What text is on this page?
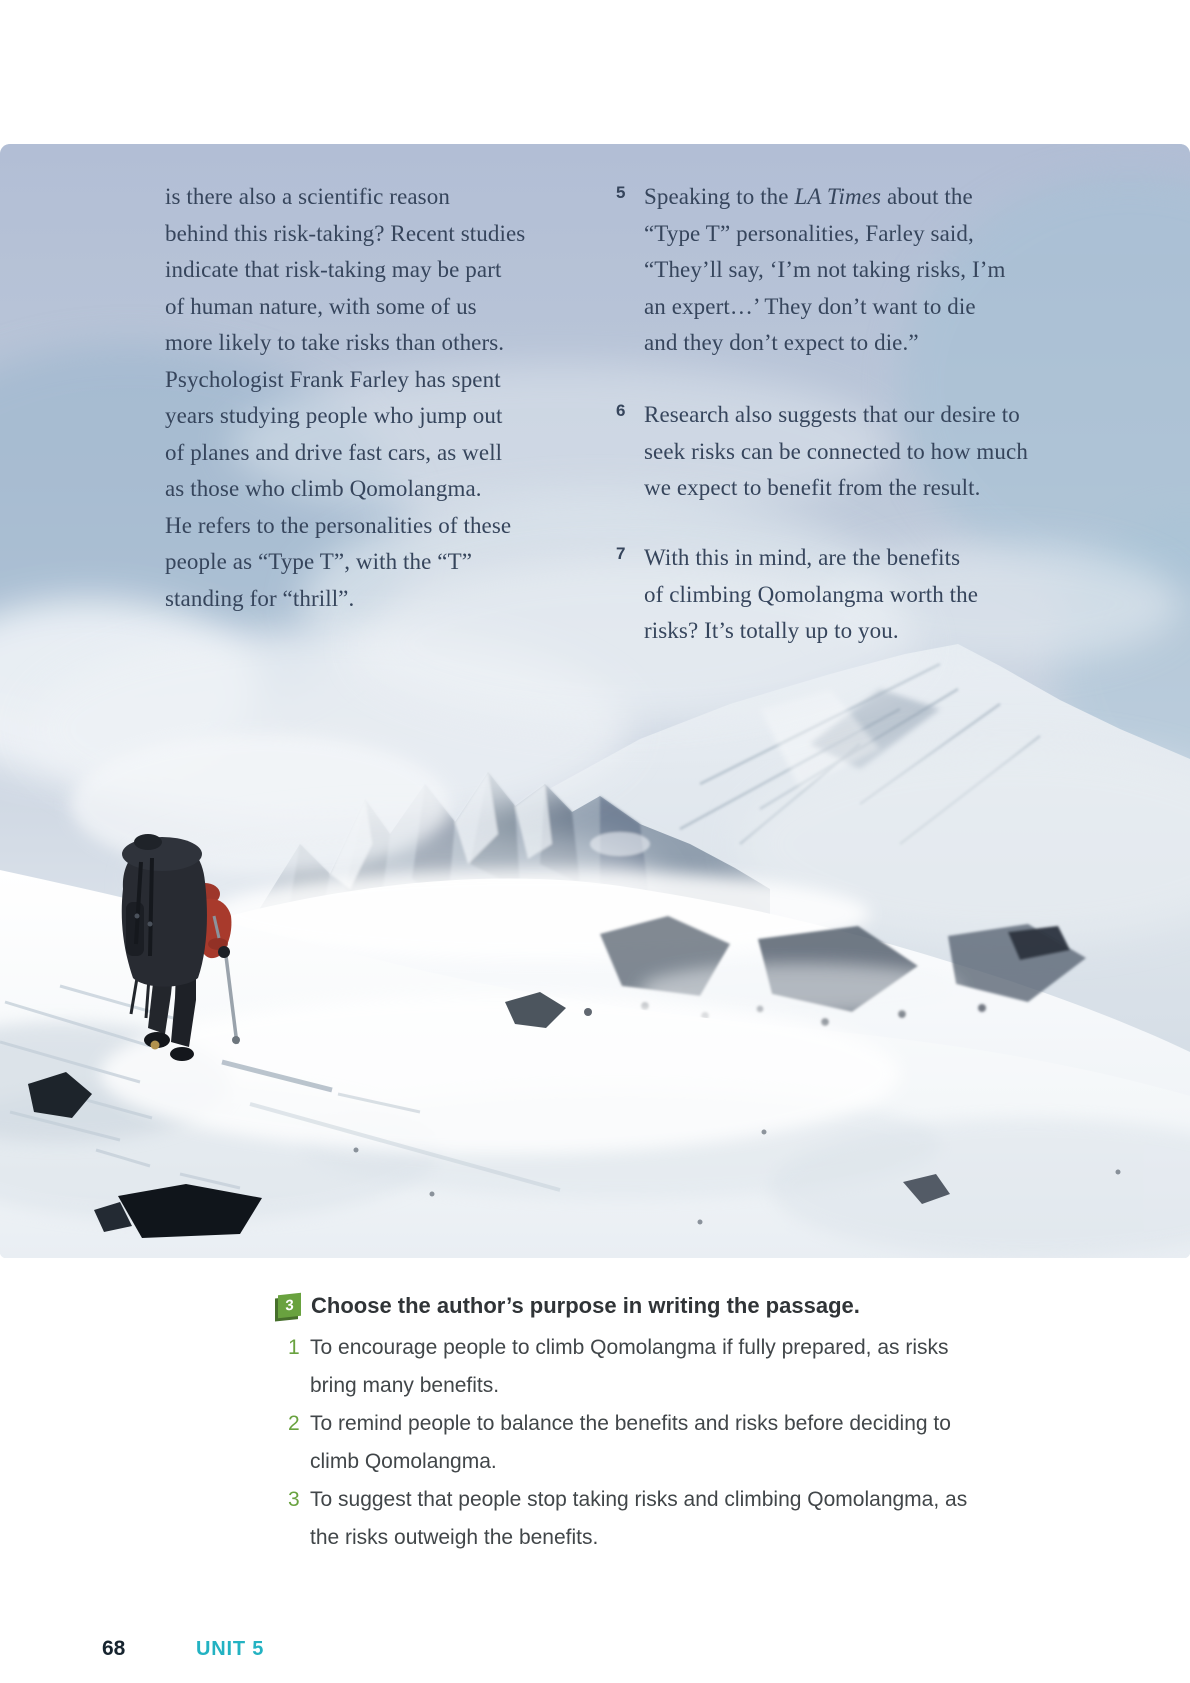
is there also a scientific reason
behind this risk-taking? Recent studies
indicate that risk-taking may be part
of human nature, with some of us
more likely to take risks than others.
Psychologist Frank Farley has spent
years studying people who jump out
of planes and drive fast cars, as well
as those who climb Qomolangma.
He refers to the personalities of these
people as “Type T”, with the “T”
standing for “thrill”.
5 Speaking to the LA Times about the
“Type T” personalities, Farley said,
“They’ll say, ‘I’m not taking risks, I’m
an expert…’ They don’t want to die
and they don’t expect to die.”
6 Research also suggests that our desire to
seek risks can be connected to how much
we expect to benefit from the result.
7 With this in mind, are the benefits
of climbing Qomolangma worth the
risks? It’s totally up to you.
3 Choose the author’s purpose in writing the passage.
1 To encourage people to climb Qomolangma if fully prepared, as risks
bring many benefits.
2 To remind people to balance the benefits and risks before deciding to
climb Qomolangma.
3 To suggest that people stop taking risks and climbing Qomolangma, as
the risks outweigh the benefits.
68	UNIT 5
